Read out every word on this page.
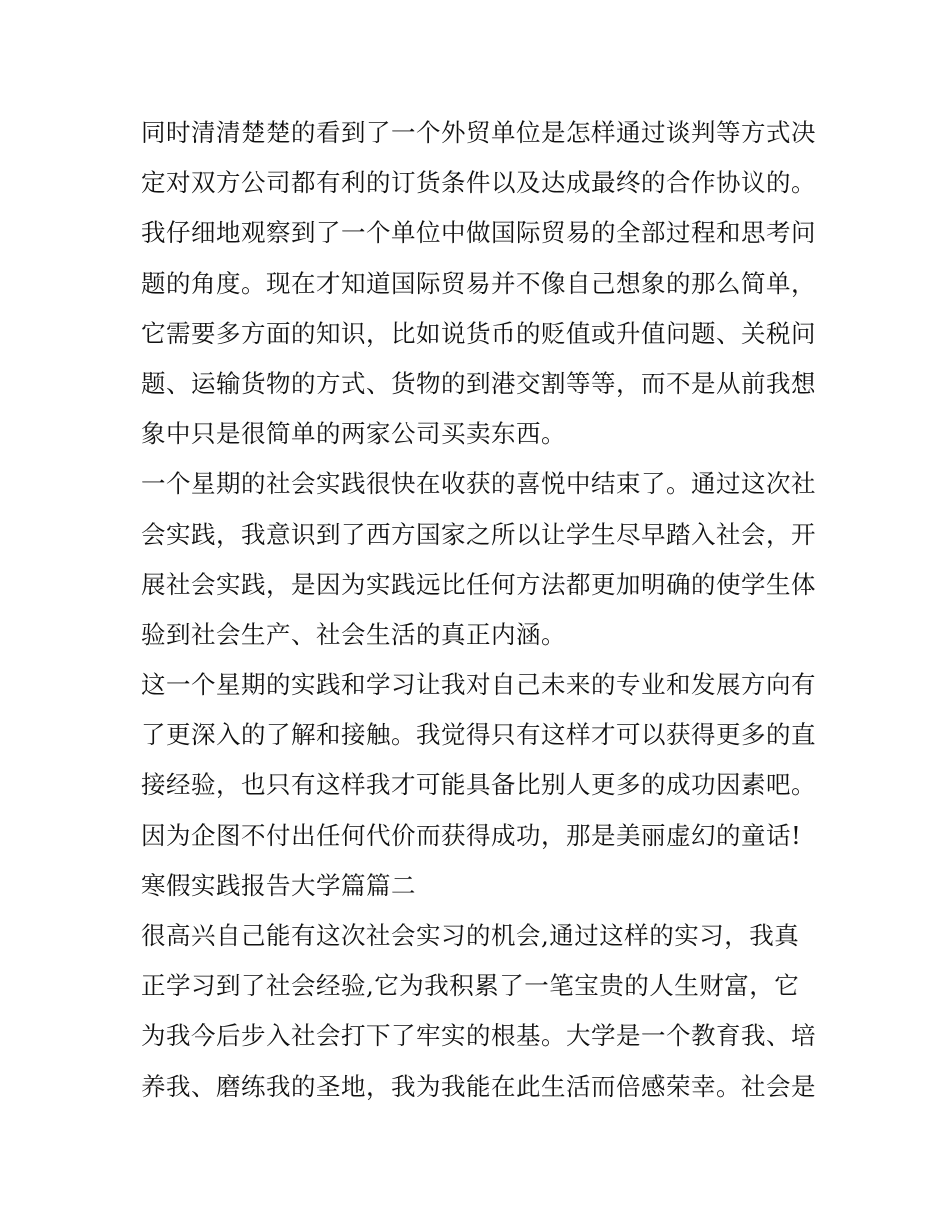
同时清清楚楚的看到了一个外贸单位是怎样通过谈判等方式决
定对双方公司都有利的订货条件以及达成最终的合作协议的。
我仔细地观察到了一个单位中做国际贸易的全部过程和思考问
题的角度。现在才知道国际贸易并不像自己想象的那么简单，
它需要多方面的知识，比如说货币的贬值或升值问题、关税问
题、运输货物的方式、货物的到港交割等等，而不是从前我想
象中只是很简单的两家公司买卖东西。
一个星期的社会实践很快在收获的喜悦中结束了。通过这次社
会实践，我意识到了西方国家之所以让学生尽早踏入社会，开
展社会实践，是因为实践远比任何方法都更加明确的使学生体
验到社会生产、社会生活的真正内涵。
这一个星期的实践和学习让我对自己未来的专业和发展方向有
了更深入的了解和接触。我觉得只有这样才可以获得更多的直
接经验，也只有这样我才可能具备比别人更多的成功因素吧。
因为企图不付出任何代价而获得成功，那是美丽虚幻的童话!
寒假实践报告大学篇篇二
很高兴自己能有这次社会实习的机会,通过这样的实习，我真
正学习到了社会经验,它为我积累了一笔宝贵的人生财富，它
为我今后步入社会打下了牢实的根基。大学是一个教育我、培
养我、磨练我的圣地，我为我能在此生活而倍感荣幸。社会是
